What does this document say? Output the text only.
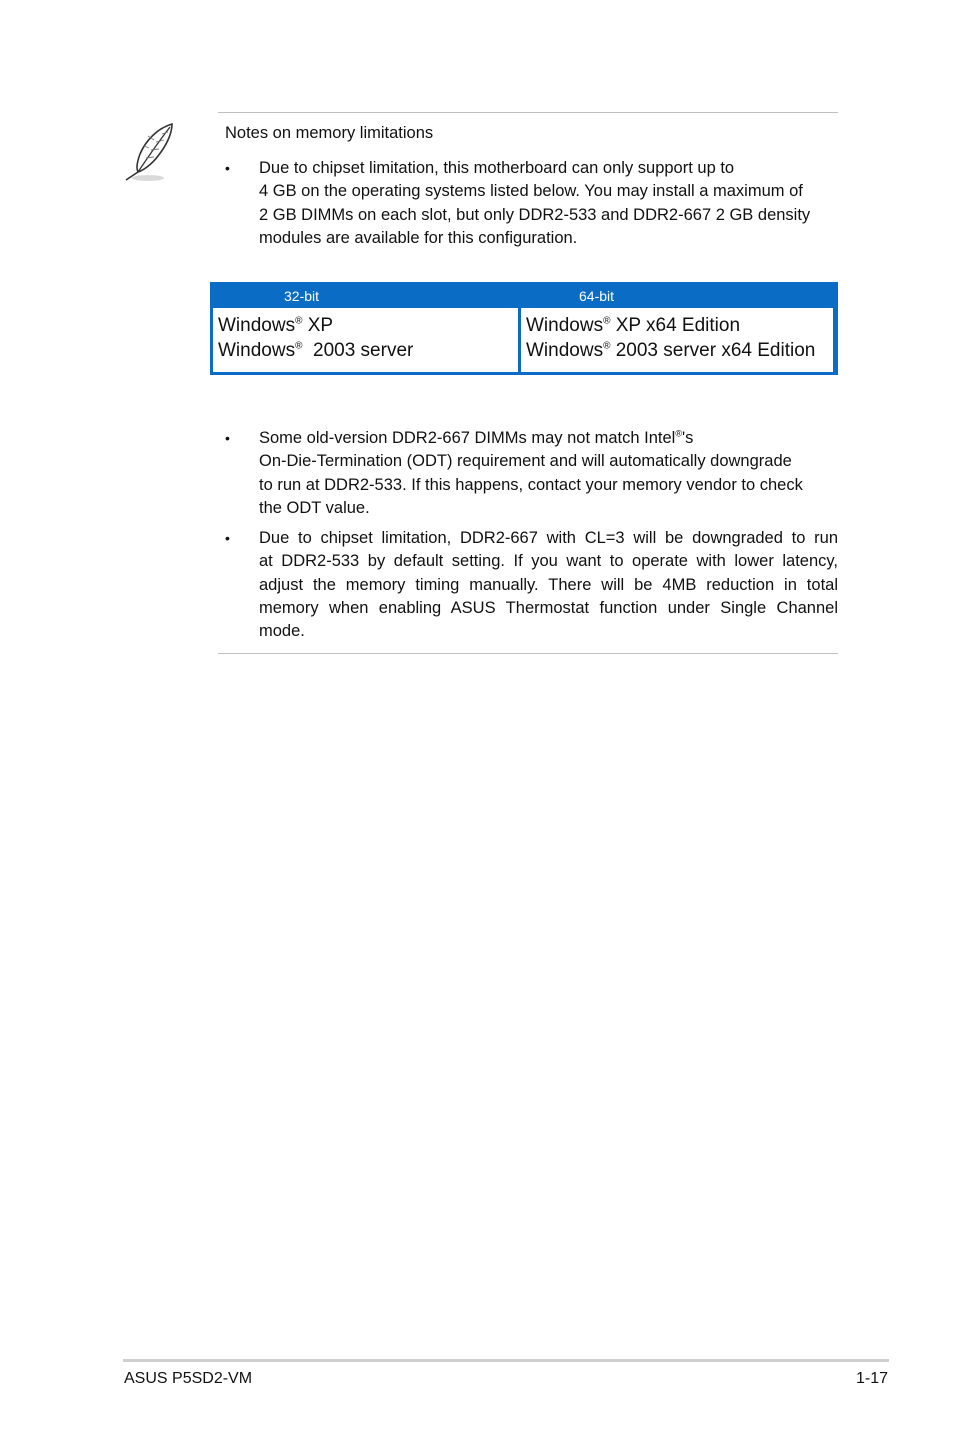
Notes on memory limitations
• Due to chipset limitation, this motherboard can only support up to
4 GB on the operating systems listed below. You may install a maximum of
2 GB DIMMs on each slot, but only DDR2-533 and DDR2-667 2 GB density
modules are available for this configuration.
32-bit	64-bit
Windows® XP
Windows®  2003 server
Windows® XP x64 Edition
Windows® 2003 server x64 Edition
• Some old-version DDR2-667 DIMMs may not match Intel®'s
On-Die-Termination (ODT) requirement and will automatically downgrade
to run at DDR2-533. If this happens, contact your memory vendor to check
the ODT value.
• Due to chipset limitation, DDR2-667 with CL=3 will be downgraded to run
at DDR2-533 by default setting. If you want to operate with lower latency,
adjust the memory timing manually. There will be 4MB reduction in total
memory when enabling ASUS Thermostat function under Single Channel
mode.
ASUS P5SD2-VM	1-17
